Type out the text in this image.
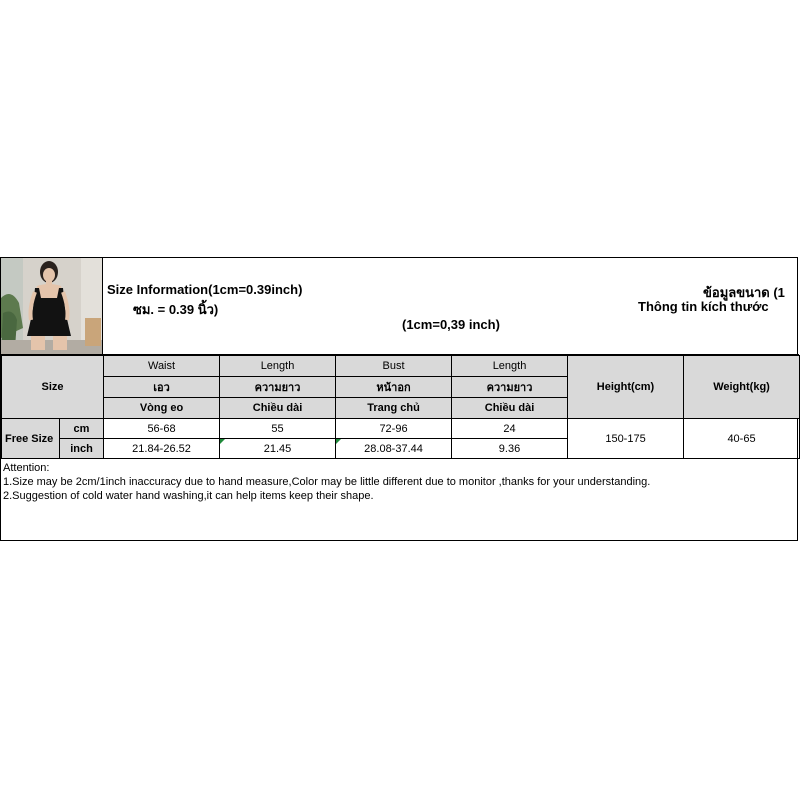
Size Information(1cm=0.39inch)
ซม. = 0.39 นิ้ว)
ข้อมูลขนาด (1
Thông tin kích thước
(1cm=0,39 inch)
Size		Waist	Length	Bust	Length	Height(cm)	Weight(kg)
		เอว	ความยาว	หน้าอก	ความยาว		
		Vòng eo	Chiều dài	Trang chủ	Chiều dài		
Free Size	cm	56-68	55	72-96	24	150-175	40-65
	inch	21.84-26.52	21.45	28.08-37.44	9.36		
Attention:
1.Size may be 2cm/1inch inaccuracy due to hand measure,Color may be little different due to monitor ,thanks for your understanding.
2.Suggestion of cold water hand washing,it can help items keep their shape.
